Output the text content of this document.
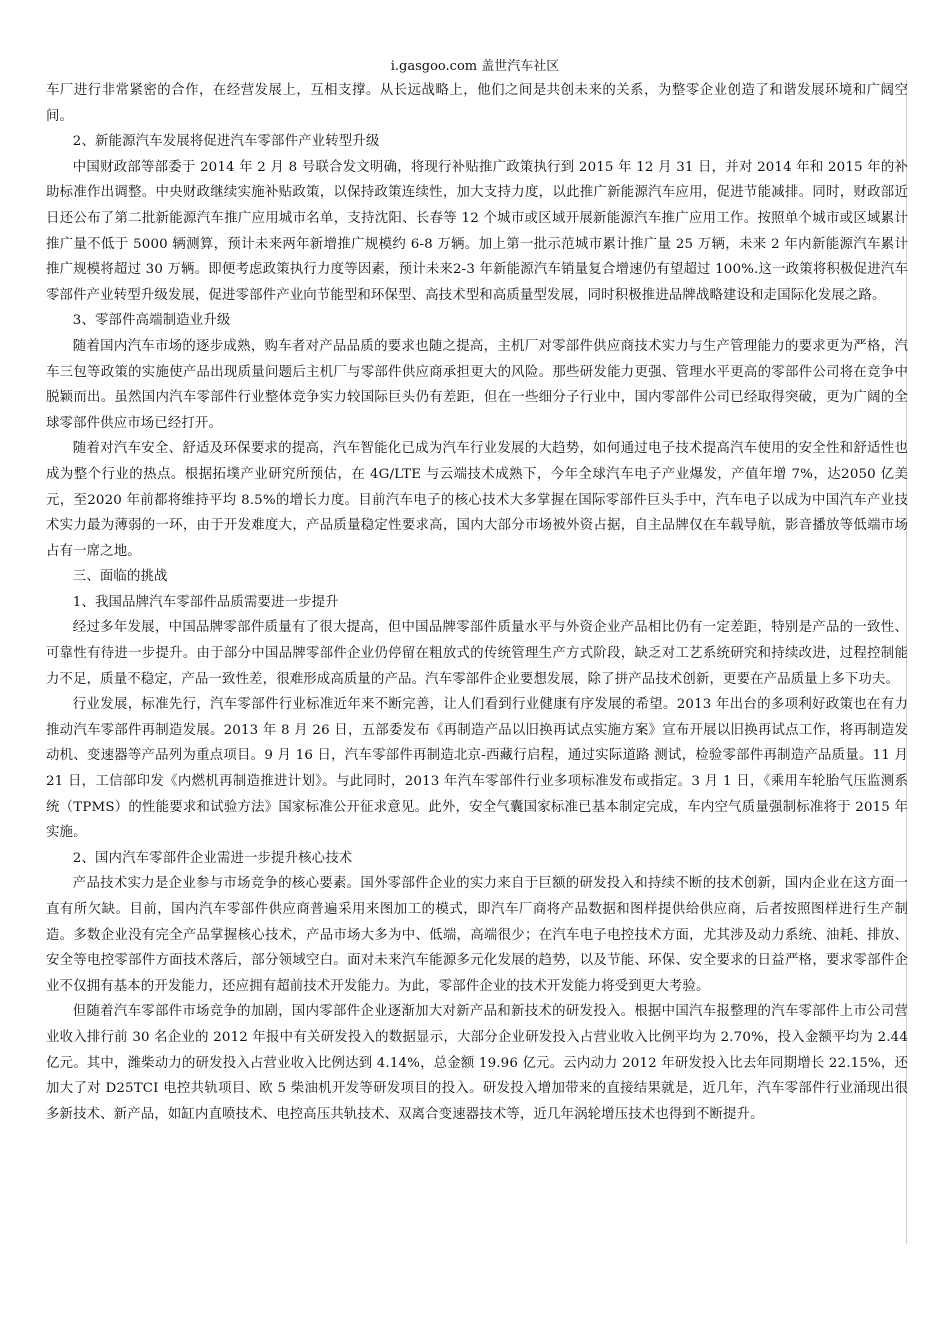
i.gasgoo.com 盖世汽车社区

车厂进行非常紧密的合作，在经营发展上，互相支撑。从长远战略上，他们之间是共创未来的关系，为整零企业创造了和谐发展环境和广阔空间。

2、新能源汽车发展将促进汽车零部件产业转型升级

中国财政部等部委于 2014 年 2 月 8 号联合发文明确，将现行补贴推广政策执行到 2015 年 12 月 31 日，并对 2014 年和 2015 年的补助标准作出调整。中央财政继续实施补贴政策，以保持政策连续性，加大支持力度，以此推广新能源汽车应用，促进节能减排。同时，财政部近日还公布了第二批新能源汽车推广应用城市名单，支持沈阳、长春等 12 个城市或区域开展新能源汽车推广应用工作。按照单个城市或区域累计推广量不低于 5000 辆测算，预计未来两年新增推广规模约 6-8 万辆。加上第一批示范城市累计推广量 25 万辆，未来 2 年内新能源汽车累计推广规模将超过 30 万辆。即便考虑政策执行力度等因素，预计未来2-3 年新能源汽车销量复合增速仍有望超过 100%.这一政策将积极促进汽车零部件产业转型升级发展，促进零部件产业向节能型和环保型、高技术型和高质量型发展，同时积极推进品牌战略建设和走国际化发展之路。

3、零部件高端制造业升级

随着国内汽车市场的逐步成熟，购车者对产品品质的要求也随之提高，主机厂对零部件供应商技术实力与生产管理能力的要求更为严格，汽车三包等政策的实施使产品出现质量问题后主机厂与零部件供应商承担更大的风险。那些研发能力更强、管理水平更高的零部件公司将在竞争中脱颖而出。虽然国内汽车零部件行业整体竞争实力较国际巨头仍有差距，但在一些细分子行业中，国内零部件公司已经取得突破，更为广阔的全球零部件供应市场已经打开。

随着对汽车安全、舒适及环保要求的提高，汽车智能化已成为汽车行业发展的大趋势，如何通过电子技术提高汽车使用的安全性和舒适性也成为整个行业的热点。根据拓墣产业研究所预估，在 4G/LTE 与云端技术成熟下，今年全球汽车电子产业爆发，产值年增 7%，达2050 亿美元，至2020 年前都将维持平均 8.5%的增长力度。目前汽车电子的核心技术大多掌握在国际零部件巨头手中，汽车电子以成为中国汽车产业技术实力最为薄弱的一环，由于开发难度大，产品质量稳定性要求高，国内大部分市场被外资占据，自主品牌仅在车载导航，影音播放等低端市场占有一席之地。

三、面临的挑战

1、我国品牌汽车零部件品质需要进一步提升

经过多年发展，中国品牌零部件质量有了很大提高，但中国品牌零部件质量水平与外资企业产品相比仍有一定差距，特别是产品的一致性、可靠性有待进一步提升。由于部分中国品牌零部件企业仍停留在粗放式的传统管理生产方式阶段，缺乏对工艺系统研究和持续改进，过程控制能力不足，质量不稳定，产品一致性差，很难形成高质量的产品。汽车零部件企业要想发展，除了拼产品技术创新，更要在产品质量上多下功夫。

行业发展，标准先行，汽车零部件行业标准近年来不断完善，让人们看到行业健康有序发展的希望。2013 年出台的多项利好政策也在有力推动汽车零部件再制造发展。2013 年 8 月 26 日，五部委发布《再制造产品以旧换再试点实施方案》宣布开展以旧换再试点工作，将再制造发动机、变速器等产品列为重点项目。9 月 16 日，汽车零部件再制造北京-西藏行启程，通过实际道路 测试，检验零部件再制造产品质量。11 月 21 日，工信部印发《内燃机再制造推进计划》。与此同时，2013 年汽车零部件行业多项标准发布或指定。3 月 1 日，《乘用车轮胎气压监测系统（TPMS）的性能要求和试验方法》国家标准公开征求意见。此外，安全气囊国家标准已基本制定完成，车内空气质量强制标准将于 2015 年实施。

2、国内汽车零部件企业需进一步提升核心技术

产品技术实力是企业参与市场竞争的核心要素。国外零部件企业的实力来自于巨额的研发投入和持续不断的技术创新，国内企业在这方面一直有所欠缺。目前，国内汽车零部件供应商普遍采用来图加工的模式，即汽车厂商将产品数据和图样提供给供应商，后者按照图样进行生产制造。多数企业没有完全产品掌握核心技术，产品市场大多为中、低端，高端很少；在汽车电子电控技术方面，尤其涉及动力系统、油耗、排放、安全等电控零部件方面技术落后，部分领域空白。面对未来汽车能源多元化发展的趋势，以及节能、环保、安全要求的日益严格，要求零部件企业不仅拥有基本的开发能力，还应拥有超前技术开发能力。为此，零部件企业的技术开发能力将受到更大考验。

但随着汽车零部件市场竞争的加剧，国内零部件企业逐渐加大对新产品和新技术的研发投入。根据中国汽车报整理的汽车零部件上市公司营业收入排行前 30 名企业的 2012 年报中有关研发投入的数据显示，大部分企业研发投入占营业收入比例平均为 2.70%，投入金额平均为 2.44 亿元。其中，潍柴动力的研发投入占营业收入比例达到 4.14%，总金额 19.96 亿元。云内动力 2012 年研发投入比去年同期增长 22.15%，还加大了对 D25TCI 电控共轨项目、欧 5 柴油机开发等研发项目的投入。研发投入增加带来的直接结果就是，近几年，汽车零部件行业涌现出很多新技术、新产品，如缸内直喷技术、电控高压共轨技术、双离合变速器技术等，近几年涡轮增压技术也得到不断提升。
